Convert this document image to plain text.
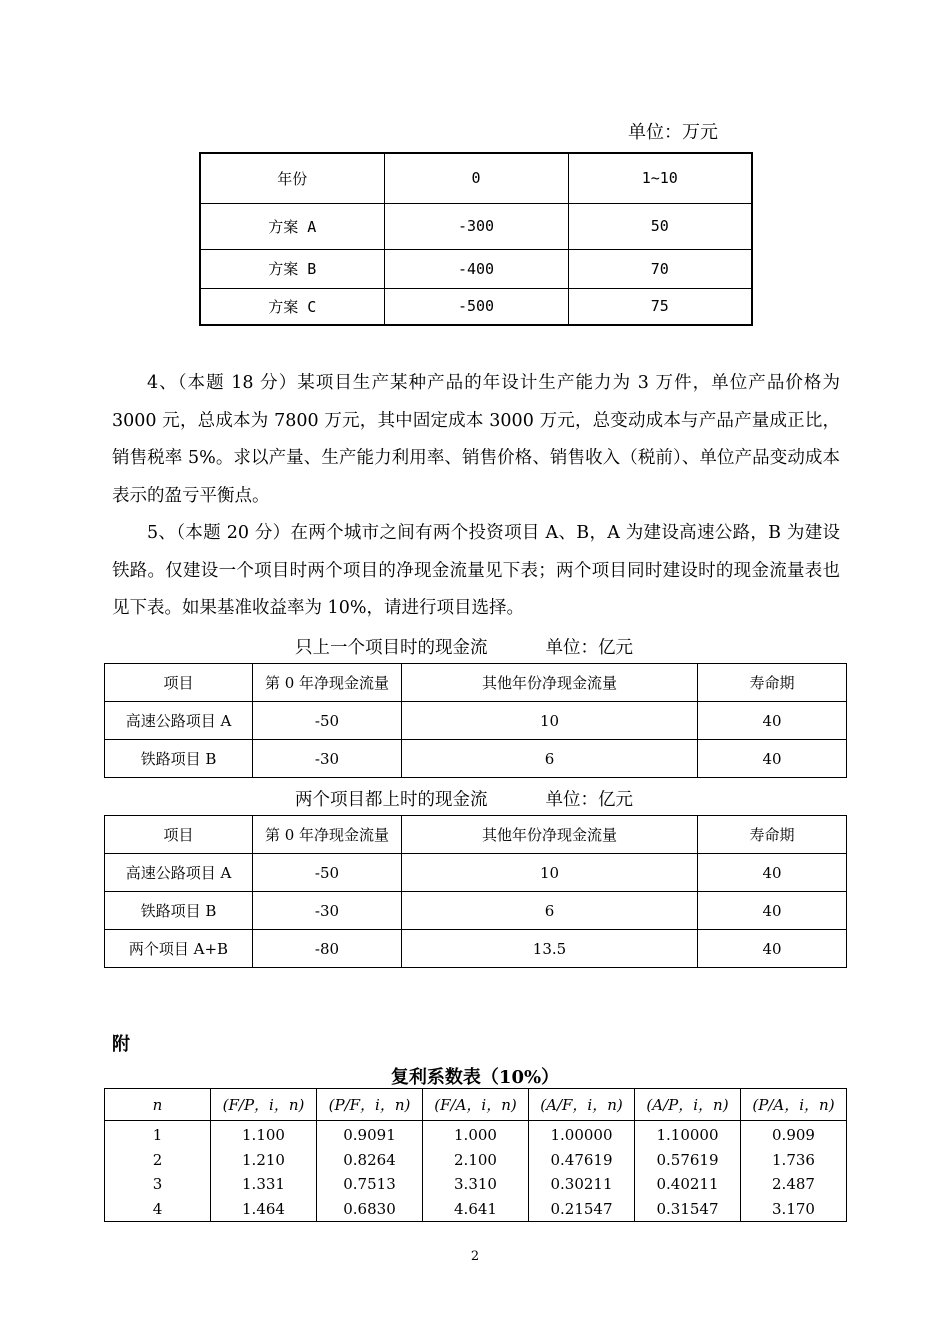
单位：万元
年份	0	1~10
方案 A	-300	50
方案 B	-400	70
方案 C	-500	75

4、（本题 18 分）某项目生产某种产品的年设计生产能力为 3 万件，单位产品价格为 3000 元，总成本为 7800 万元，其中固定成本 3000 万元，总变动成本与产品产量成正比，销售税率 5%。求以产量、生产能力利用率、销售价格、销售收入（税前）、单位产品变动成本表示的盈亏平衡点。

5、（本题 20 分）在两个城市之间有两个投资项目 A、B，A 为建设高速公路，B 为建设铁路。仅建设一个项目时两个项目的净现金流量见下表；两个项目同时建设时的现金流量表也见下表。如果基准收益率为 10%，请进行项目选择。

只上一个项目时的现金流	单位：亿元
项目	第 0 年净现金流量	其他年份净现金流量	寿命期
高速公路项目 A	-50	10	40
铁路项目 B	-30	6	40
两个项目都上时的现金流	单位：亿元
项目	第 0 年净现金流量	其他年份净现金流量	寿命期
高速公路项目 A	-50	10	40
铁路项目 B	-30	6	40
两个项目 A+B	-80	13.5	40
附
复利系数表（10%）
n	(F/P，i，n)	(P/F，i，n)	(F/A，i，n)	(A/F，i，n)	(A/P，i，n)	(P/A，i，n)
1	1.100	0.9091	1.000	1.00000	1.10000	0.909
2	1.210	0.8264	2.100	0.47619	0.57619	1.736
3	1.331	0.7513	3.310	0.30211	0.40211	2.487
4	1.464	0.6830	4.641	0.21547	0.31547	3.170
2
